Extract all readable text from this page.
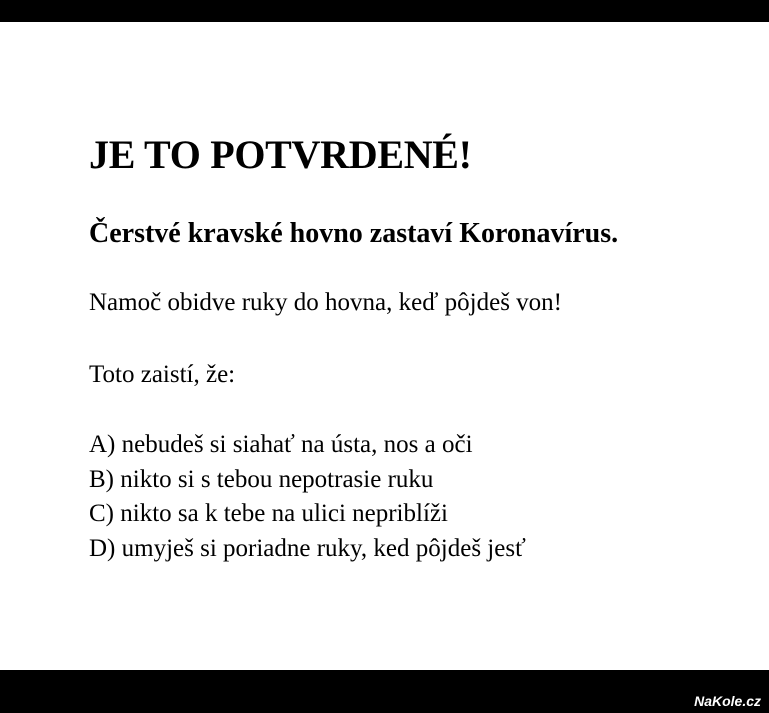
JE TO POTVRDENÉ!
Čerstvé kravské hovno zastaví Koronavírus.

Namoč obidve ruky do hovna, keď pôjdeš von!

Toto zaistí, že:

A) nebudeš si siahať na ústa, nos a oči
B) nikto si s tebou nepotrasie ruku
C) nikto sa k tebe na ulici nepriblíži
D) umyješ si poriadne ruky, ked pôjdeš jesť
NaKole.cz
